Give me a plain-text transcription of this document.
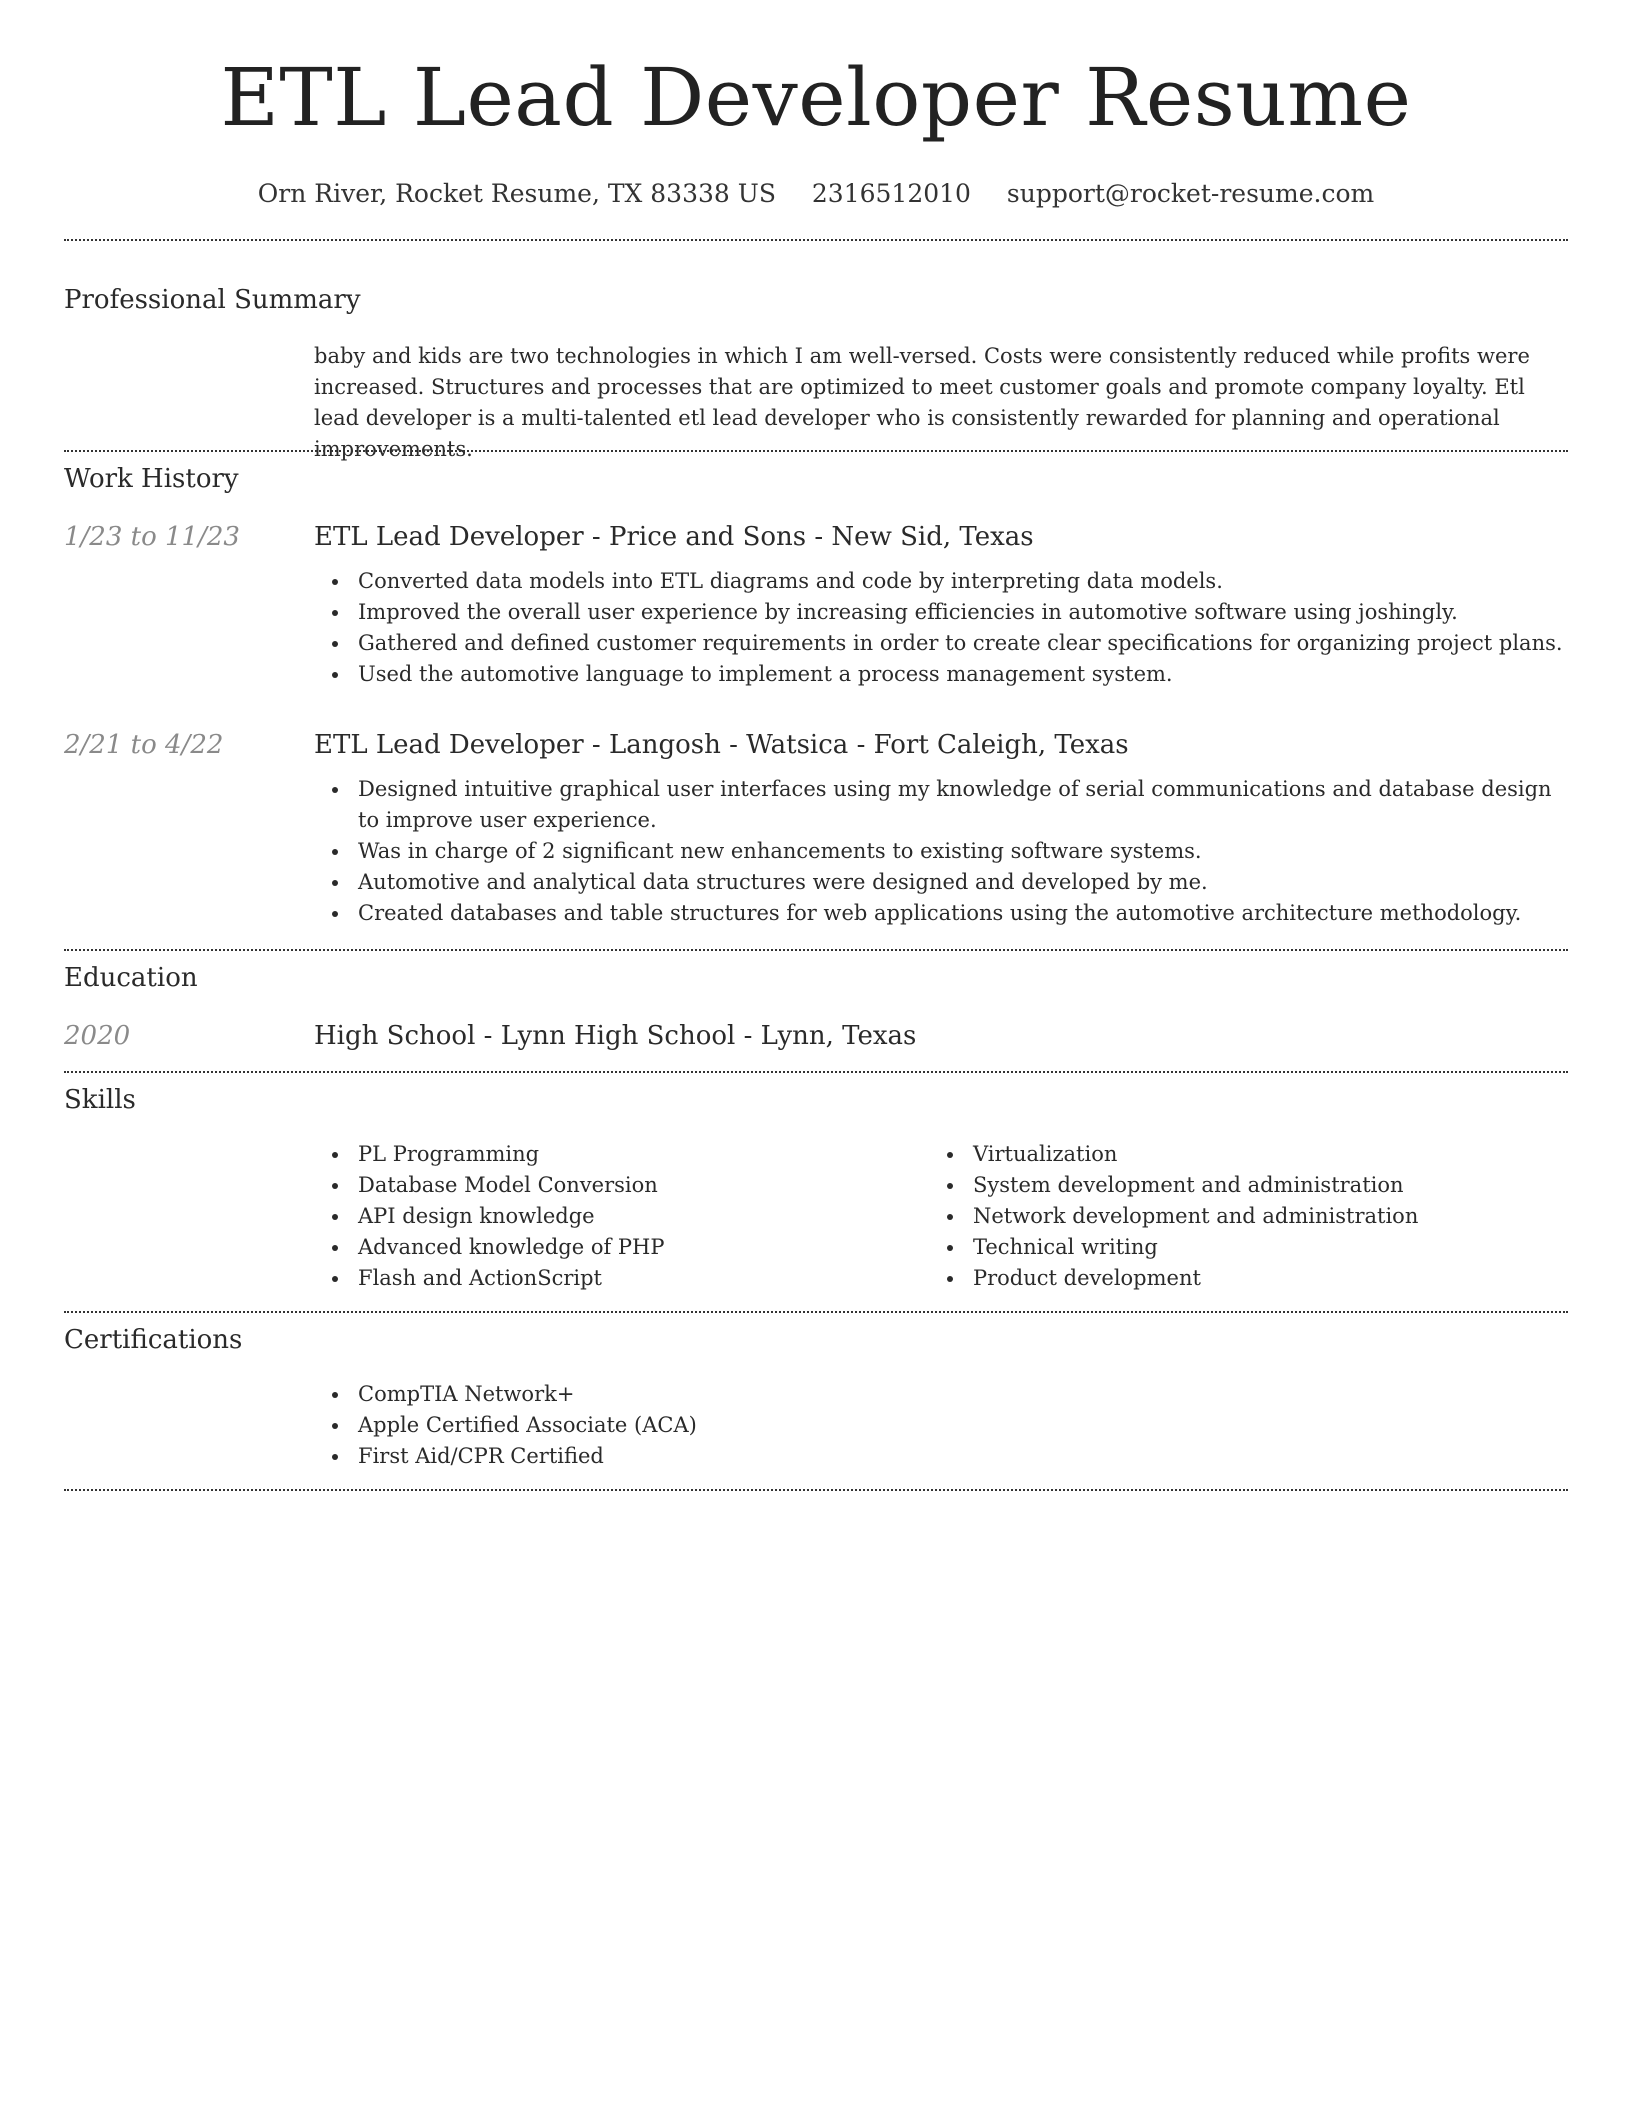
ETL Lead Developer Resume
Orn River, Rocket Resume, TX 83338 US 2316512010 support@rocket-resume.com
Professional Summary
baby and kids are two technologies in which I am well-versed. Costs were consistently reduced while profits were increased. Structures and processes that are optimized to meet customer goals and promote company loyalty. Etl lead developer is a multi-talented etl lead developer who is consistently rewarded for planning and operational improvements.
Work History
1/23 to 11/23	ETL Lead Developer - Price and Sons - New Sid, Texas
Converted data models into ETL diagrams and code by interpreting data models.
Improved the overall user experience by increasing efficiencies in automotive software using joshingly.
Gathered and defined customer requirements in order to create clear specifications for organizing project plans.
Used the automotive language to implement a process management system.
2/21 to 4/22	ETL Lead Developer - Langosh - Watsica - Fort Caleigh, Texas
Designed intuitive graphical user interfaces using my knowledge of serial communications and database design to improve user experience.
Was in charge of 2 significant new enhancements to existing software systems.
Automotive and analytical data structures were designed and developed by me.
Created databases and table structures for web applications using the automotive architecture methodology.
Education
2020	High School - Lynn High School - Lynn, Texas
Skills
PL Programming
Database Model Conversion
API design knowledge
Advanced knowledge of PHP
Flash and ActionScript
Virtualization
System development and administration
Network development and administration
Technical writing
Product development
Certifications
CompTIA Network+
Apple Certified Associate (ACA)
First Aid/CPR Certified
